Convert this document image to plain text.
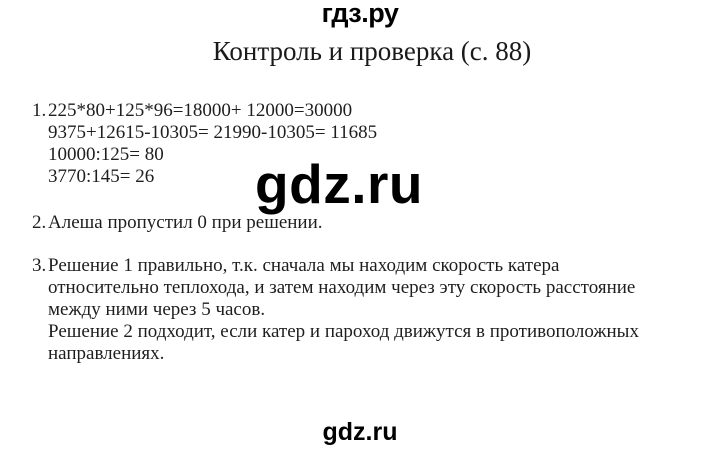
гдз.ру
Контроль и проверка (с. 88)
gdz.ru
1. 225*80+125*96=18000+ 12000=30000
9375+12615-10305= 21990-10305= 11685
10000:125= 80
3770:145= 26
2. Алеша пропустил 0 при решении.
3. Решение 1 правильно, т.к. сначала мы находим скорость катера
относительно теплохода, и затем находим через эту скорость расстояние
между ними через 5 часов.
Решение 2 подходит, если катер и пароход движутся в противоположных
направлениях.
gdz.ru
